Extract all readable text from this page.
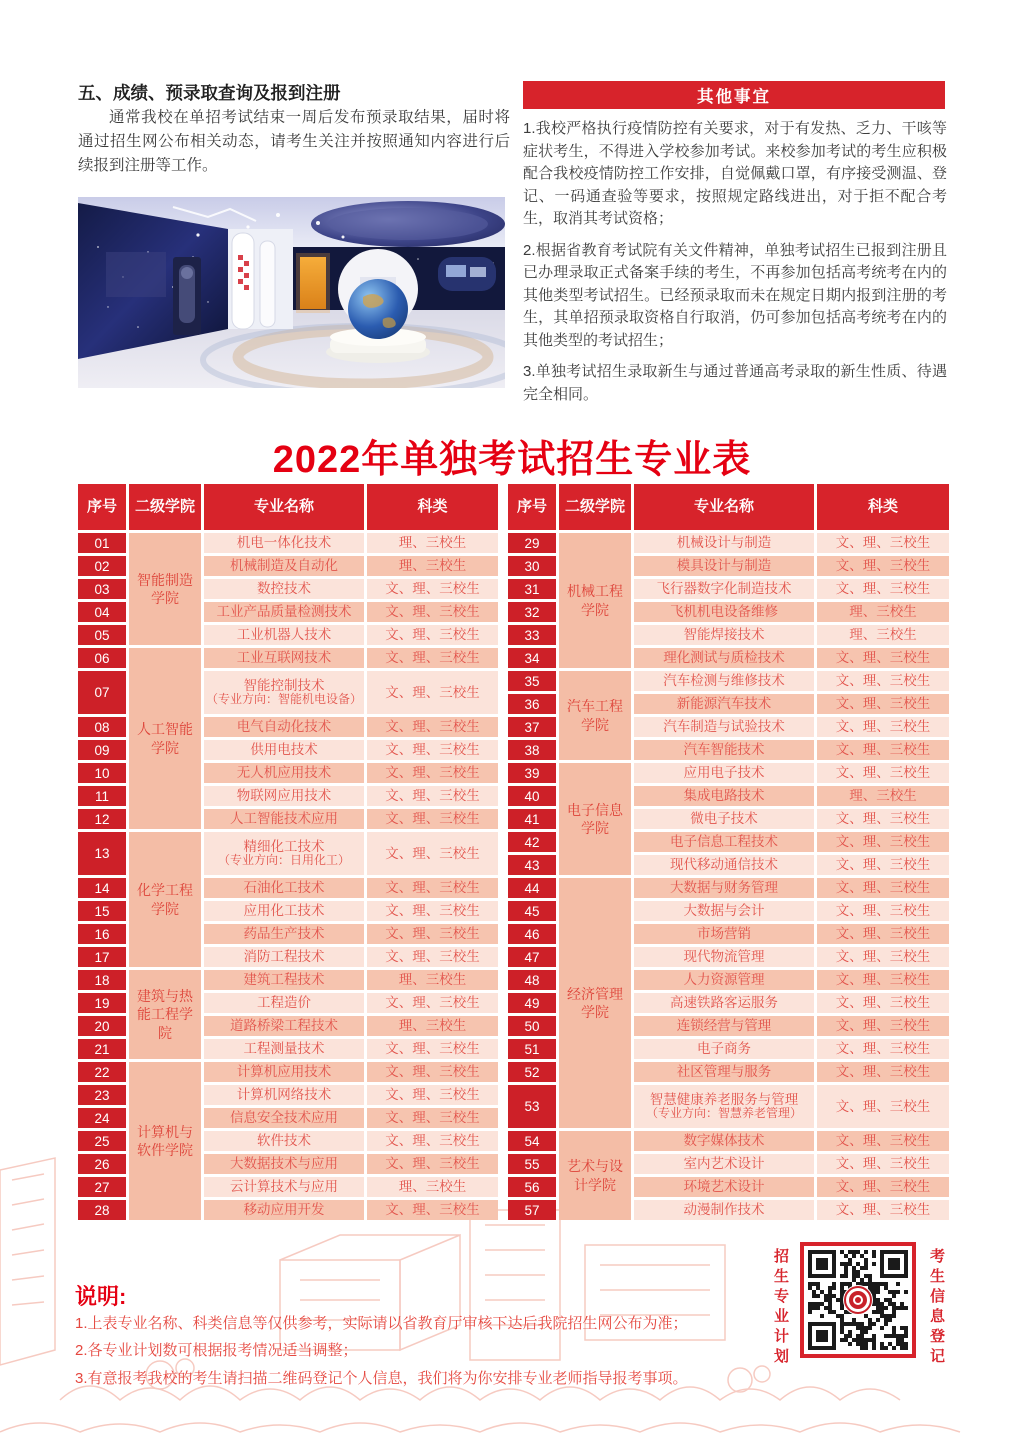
五、成绩、预录取查询及报到注册
通常我校在单招考试结束一周后发布预录取结果，届时将通过招生网公布相关动态，请考生关注并按照通知内容进行后续报到注册等工作。
其他事宜

1.我校严格执行疫情防控有关要求，对于有发热、乏力、干咳等症状考生，不得进入学校参加考试。来校参加考试的考生应积极配合我校疫情防控工作安排，自觉佩戴口罩，有序接受测温、登记、一码通查验等要求，按照规定路线进出，对于拒不配合考生，取消其考试资格；

2.根据省教育考试院有关文件精神，单独考试招生已报到注册且已办理录取正式备案手续的考生，不再参加包括高考统考在内的其他类型考试招生。已经预录取而未在规定日期内报到注册的考生，其单招预录取资格自行取消，仍可参加包括高考统考在内的其他类型的考试招生；

3.单独考试招生录取新生与通过普通高考录取的新生性质、待遇完全相同。

2022年单独考试招生专业表
序号	二级学院	专业名称	科类
01	机电一体化技术	理、三校生
02	机械制造及自动化	理、三校生
03	数控技术	文、理、三校生
04	工业产品质量检测技术	文、理、三校生
05	工业机器人技术	文、理、三校生
智能制造学院
06	工业互联网技术	文、理、三校生
07	智能控制技术
（专业方向：智能机电设备）	文、理、三校生
08	电气自动化技术	文、理、三校生
09	供用电技术	文、理、三校生
10	无人机应用技术	文、理、三校生
11	物联网应用技术	文、理、三校生
12	人工智能技术应用	文、理、三校生
人工智能学院
13	精细化工技术
（专业方向：日用化工）	文、理、三校生
14	石油化工技术	文、理、三校生
15	应用化工技术	文、理、三校生
16	药品生产技术	文、理、三校生
17	消防工程技术	文、理、三校生
化学工程学院
18	建筑工程技术	理、三校生
19	工程造价	文、理、三校生
20	道路桥梁工程技术	理、三校生
21	工程测量技术	文、理、三校生
建筑与热能工程学院
22	计算机应用技术	文、理、三校生
23	计算机网络技术	文、理、三校生
24	信息安全技术应用	文、理、三校生
25	软件技术	文、理、三校生
26	大数据技术与应用	文、理、三校生
27	云计算技术与应用	理、三校生
28	移动应用开发	文、理、三校生
计算机与软件学院
序号	二级学院	专业名称	科类
29	机械设计与制造	文、理、三校生
30	模具设计与制造	文、理、三校生
31	飞行器数字化制造技术	文、理、三校生
32	飞机机电设备维修	理、三校生
33	智能焊接技术	理、三校生
34	理化测试与质检技术	文、理、三校生
机械工程学院
35	汽车检测与维修技术	文、理、三校生
36	新能源汽车技术	文、理、三校生
37	汽车制造与试验技术	文、理、三校生
38	汽车智能技术	文、理、三校生
汽车工程学院
39	应用电子技术	文、理、三校生
40	集成电路技术	理、三校生
41	微电子技术	文、理、三校生
42	电子信息工程技术	文、理、三校生
43	现代移动通信技术	文、理、三校生
电子信息学院
44	大数据与财务管理	文、理、三校生
45	大数据与会计	文、理、三校生
46	市场营销	文、理、三校生
47	现代物流管理	文、理、三校生
48	人力资源管理	文、理、三校生
49	高速铁路客运服务	文、理、三校生
50	连锁经营与管理	文、理、三校生
51	电子商务	文、理、三校生
52	社区管理与服务	文、理、三校生
53	智慧健康养老服务与管理
（专业方向：智慧养老管理）	文、理、三校生
经济管理学院
54	数字媒体技术	文、理、三校生
55	室内艺术设计	文、理、三校生
56	环境艺术设计	文、理、三校生
57	动漫制作技术	文、理、三校生
艺术与设计学院
说明:

1.上表专业名称、科类信息等仅供参考，实际请以省教育厅审核下达后我院招生网公布为准；

2.各专业计划数可根据报考情况适当调整；

3.有意报考我校的考生请扫描二维码登记个人信息，我们将为你安排专业老师指导报考事项。

招生专业计划	考生信息登记
